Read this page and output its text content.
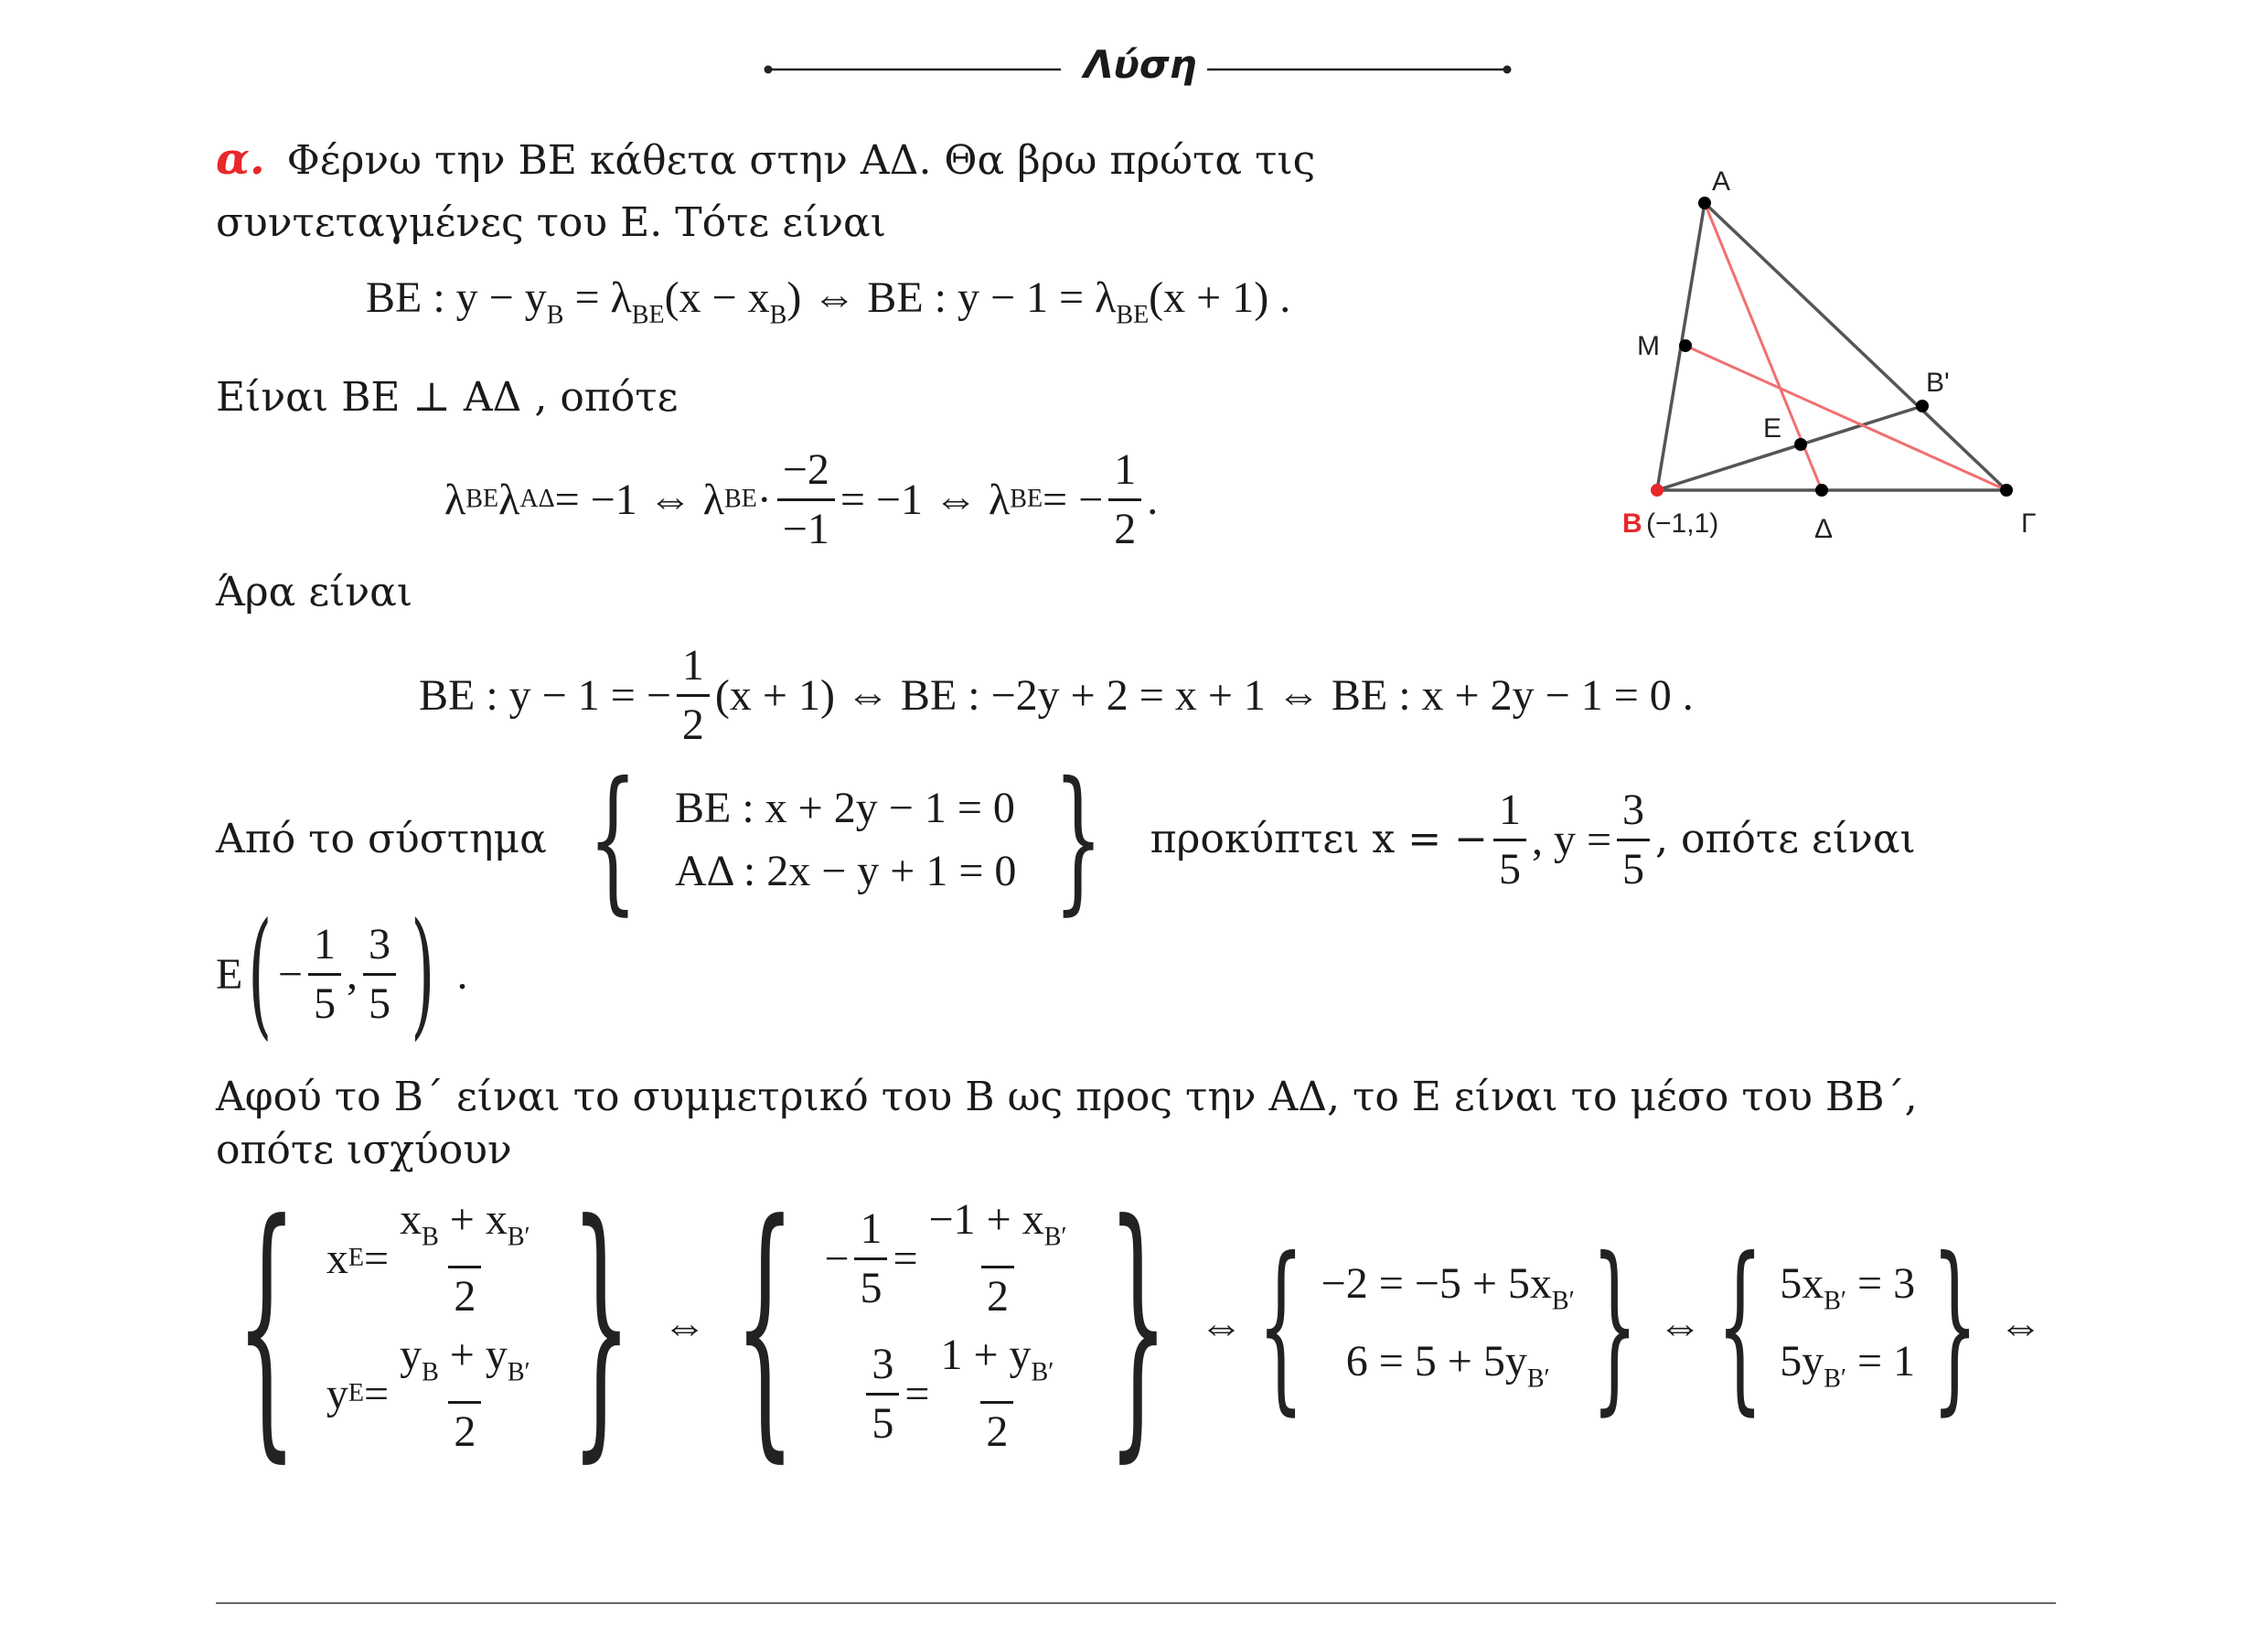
Λύση
α. Φέρνω την ΒΕ κάθετα στην ΑΔ. Θα βρω πρώτα τις
συντεταγμένες του Ε. Τότε είναι
ΒΕ : $y - y_B = \lambda_{BE}(x - x_B)$ ⇔ ΒΕ : $y - 1 = \lambda_{BE}(x + 1)$ .
Είναι ΒΕ ⊥ ΑΔ , οπότε
λ ΒΕ λ ΑΔ = −1 ⇔ λ $BE \cdot \frac{-2}{-1} = -1$ ⇔ λ ΒΕ = − $\frac{1}{2}$ .
Άρα είναι
ΒΕ : y − 1 = − $\frac{1}{2} (x + 1)$ ⇔ ΒΕ : −2y + 2 = x + 1 ⇔ ΒΕ : x + 2y − 1 = 0 .
Από το σύστημα { ΒΕ : x + 2y − 1 = 0
ΑΔ : 2x − y + 1 = 0 } προκύπτει x = − $\frac{1}{5}$ , $y = \frac{3}{5}$ , οπότε είναι
Ε ( − $\frac{1}{5}$ , $\frac{3}{5}$ ) .
Αφού το Β΄ είναι το συμμετρικό του Β ως προς την ΑΔ, το Ε είναι το μέσο του ΒΒ΄,
οπότε ισχύουν
{ x $E = \frac{x_B + x_{B'}}{2}$
y $E = \frac{y_B + y_{B'}}{2}$ } ⇔ { − $\frac{1}{5} = \frac{-1 + x_{B'}}{2}$
$\frac{3}{5} = \frac{1 + y_{B'}}{2}$ } ⇔ { $-2 = -5 + 5x_{B'}$
$6 = 5 + 5y_{B'}$ } ⇔ { $5x_{B'} = 3$
$5y_{B'} = 1$ } ⇔
A
M
E
B'
B (−1,1)	Δ	Γ
